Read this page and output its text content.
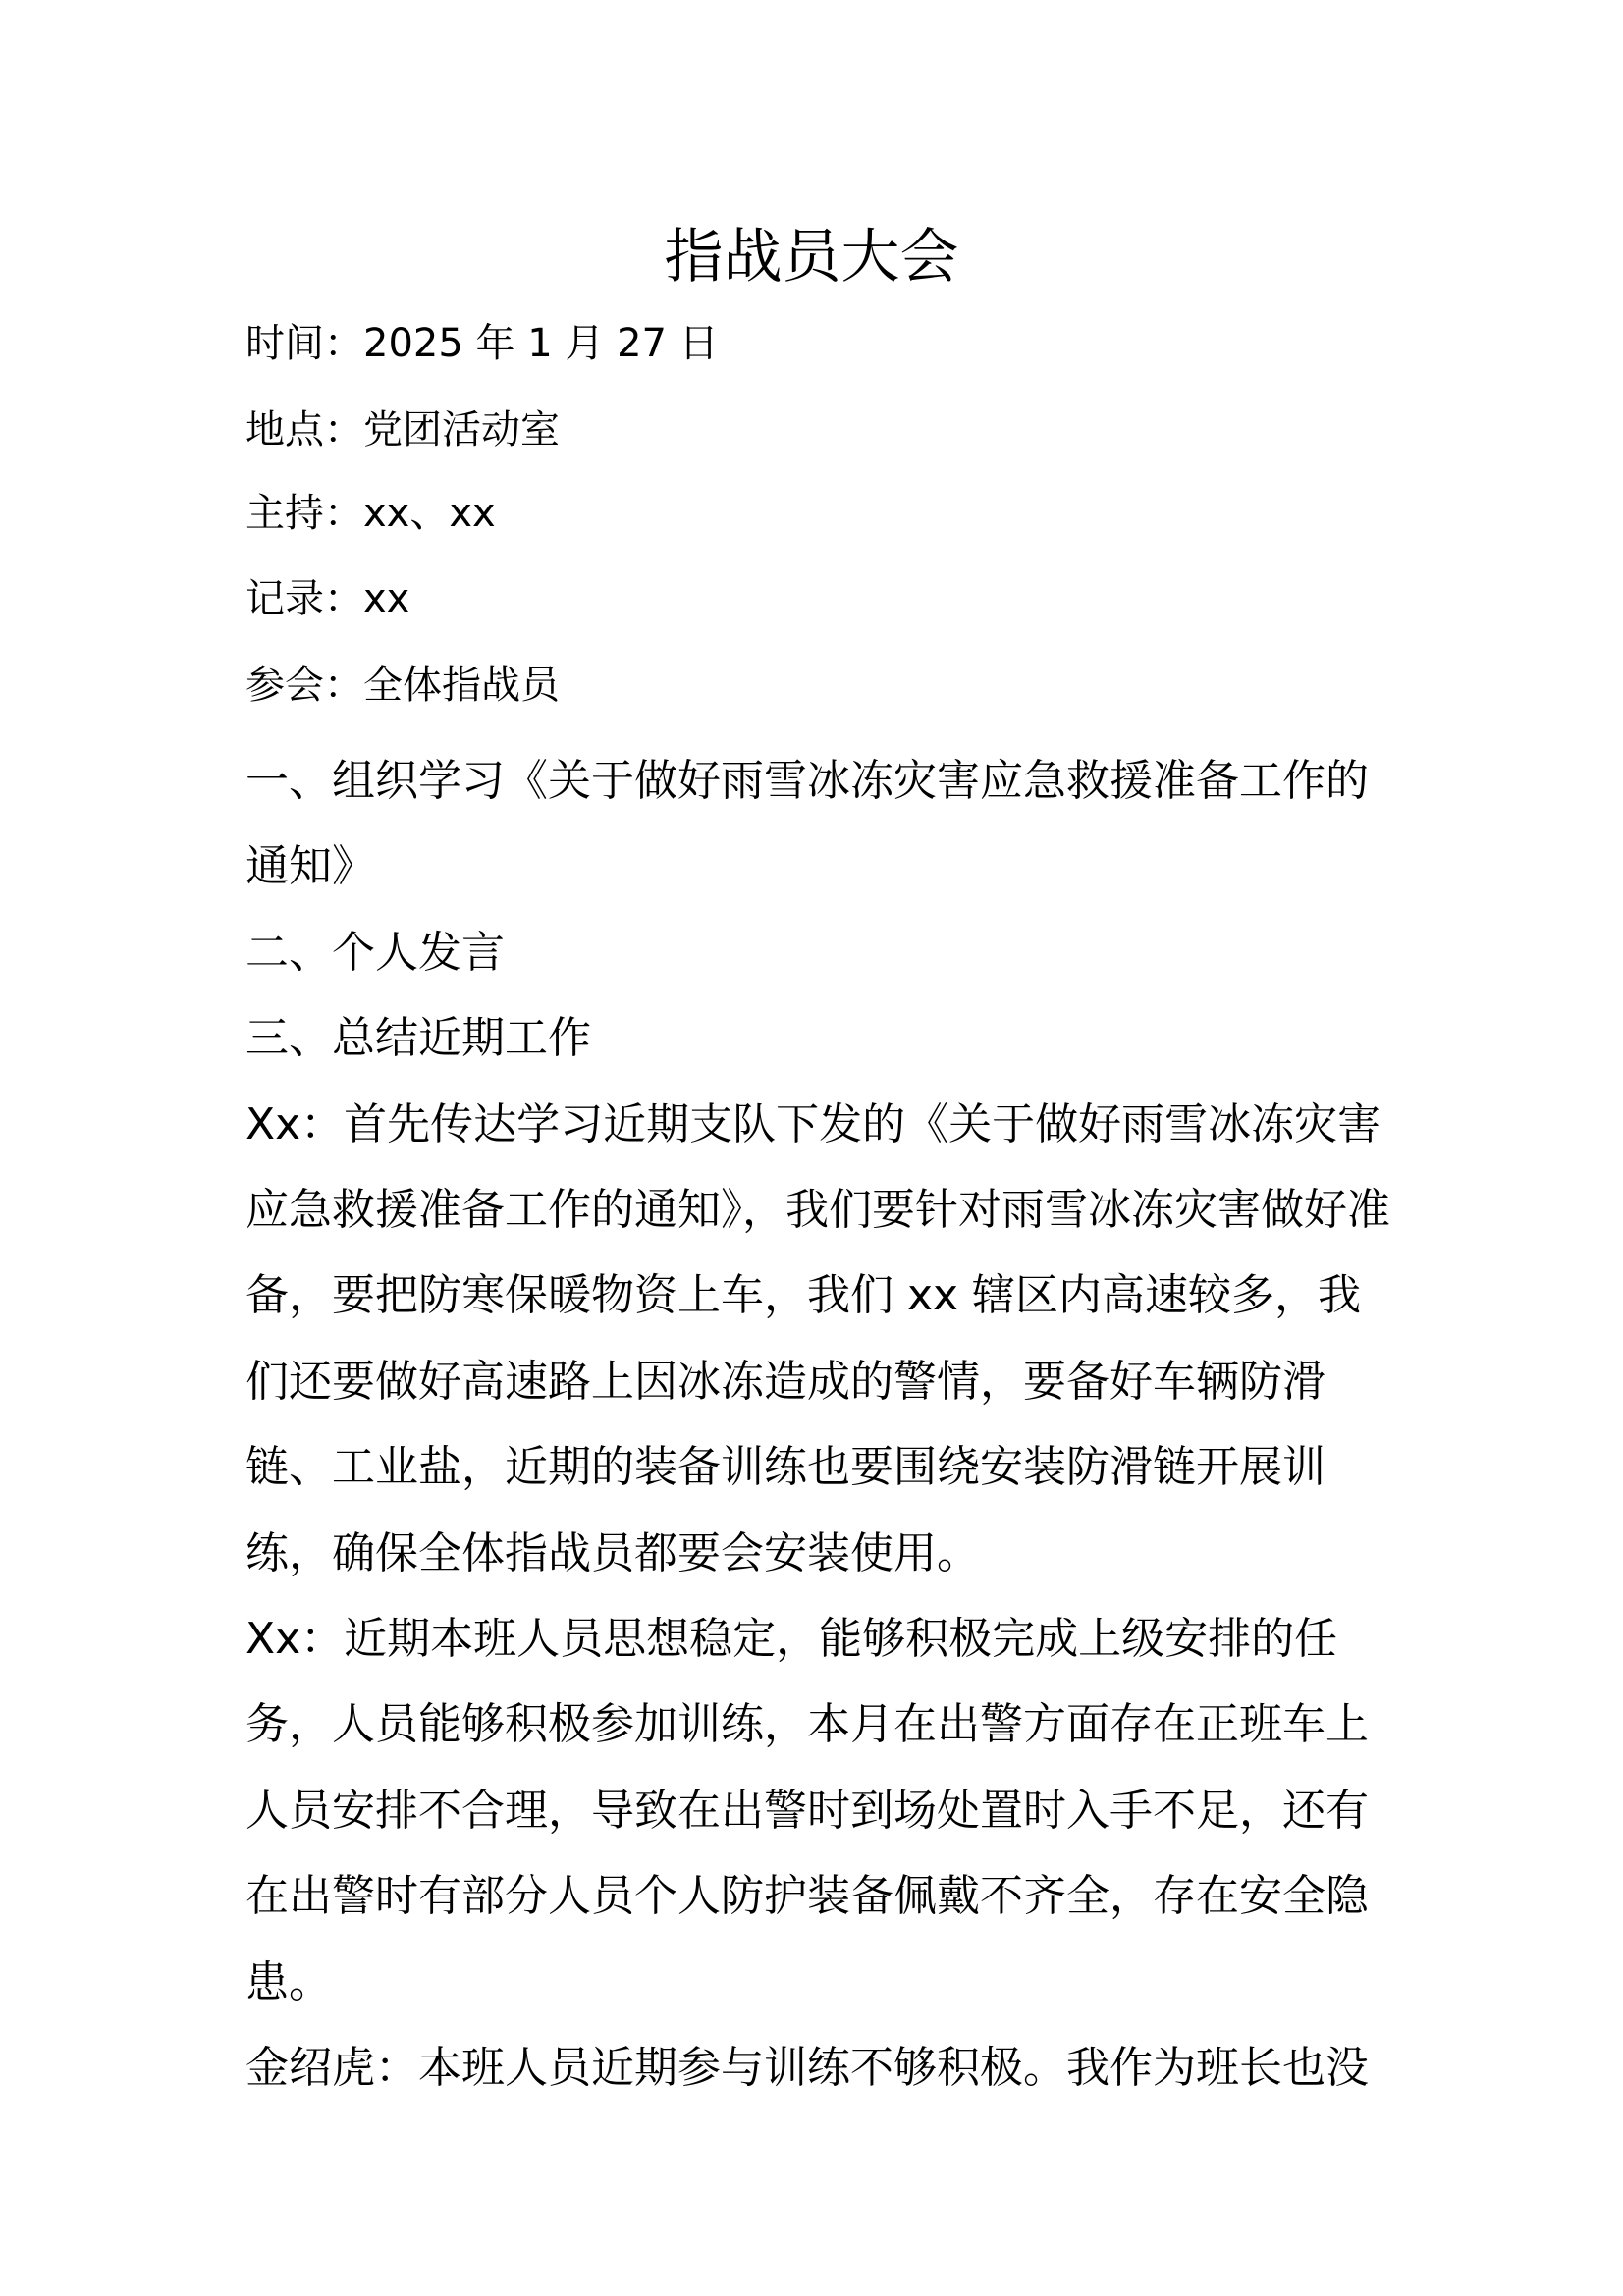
指战员大会

时间：2025 年 1 月 27 日

地点：党团活动室

主持：xx、xx

记录：xx

参会：全体指战员

一、组织学习《关于做好雨雪冰冻灾害应急救援准备工作的通知》

二、个人发言

三、总结近期工作

Xx：首先传达学习近期支队下发的《关于做好雨雪冰冻灾害应急救援准备工作的通知》，我们要针对雨雪冰冻灾害做好准备，要把防寒保暖物资上车，我们 xx 辖区内高速较多，我们还要做好高速路上因冰冻造成的警情，要备好车辆防滑链、工业盐，近期的装备训练也要围绕安装防滑链开展训练，确保全体指战员都要会安装使用。

Xx：近期本班人员思想稳定，能够积极完成上级安排的任务，人员能够积极参加训练，本月在出警方面存在正班车上人员安排不合理，导致在出警时到场处置时入手不足，还有在出警时有部分人员个人防护装备佩戴不齐全，存在安全隐患。

金绍虎：本班人员近期参与训练不够积极。我作为班长也没
